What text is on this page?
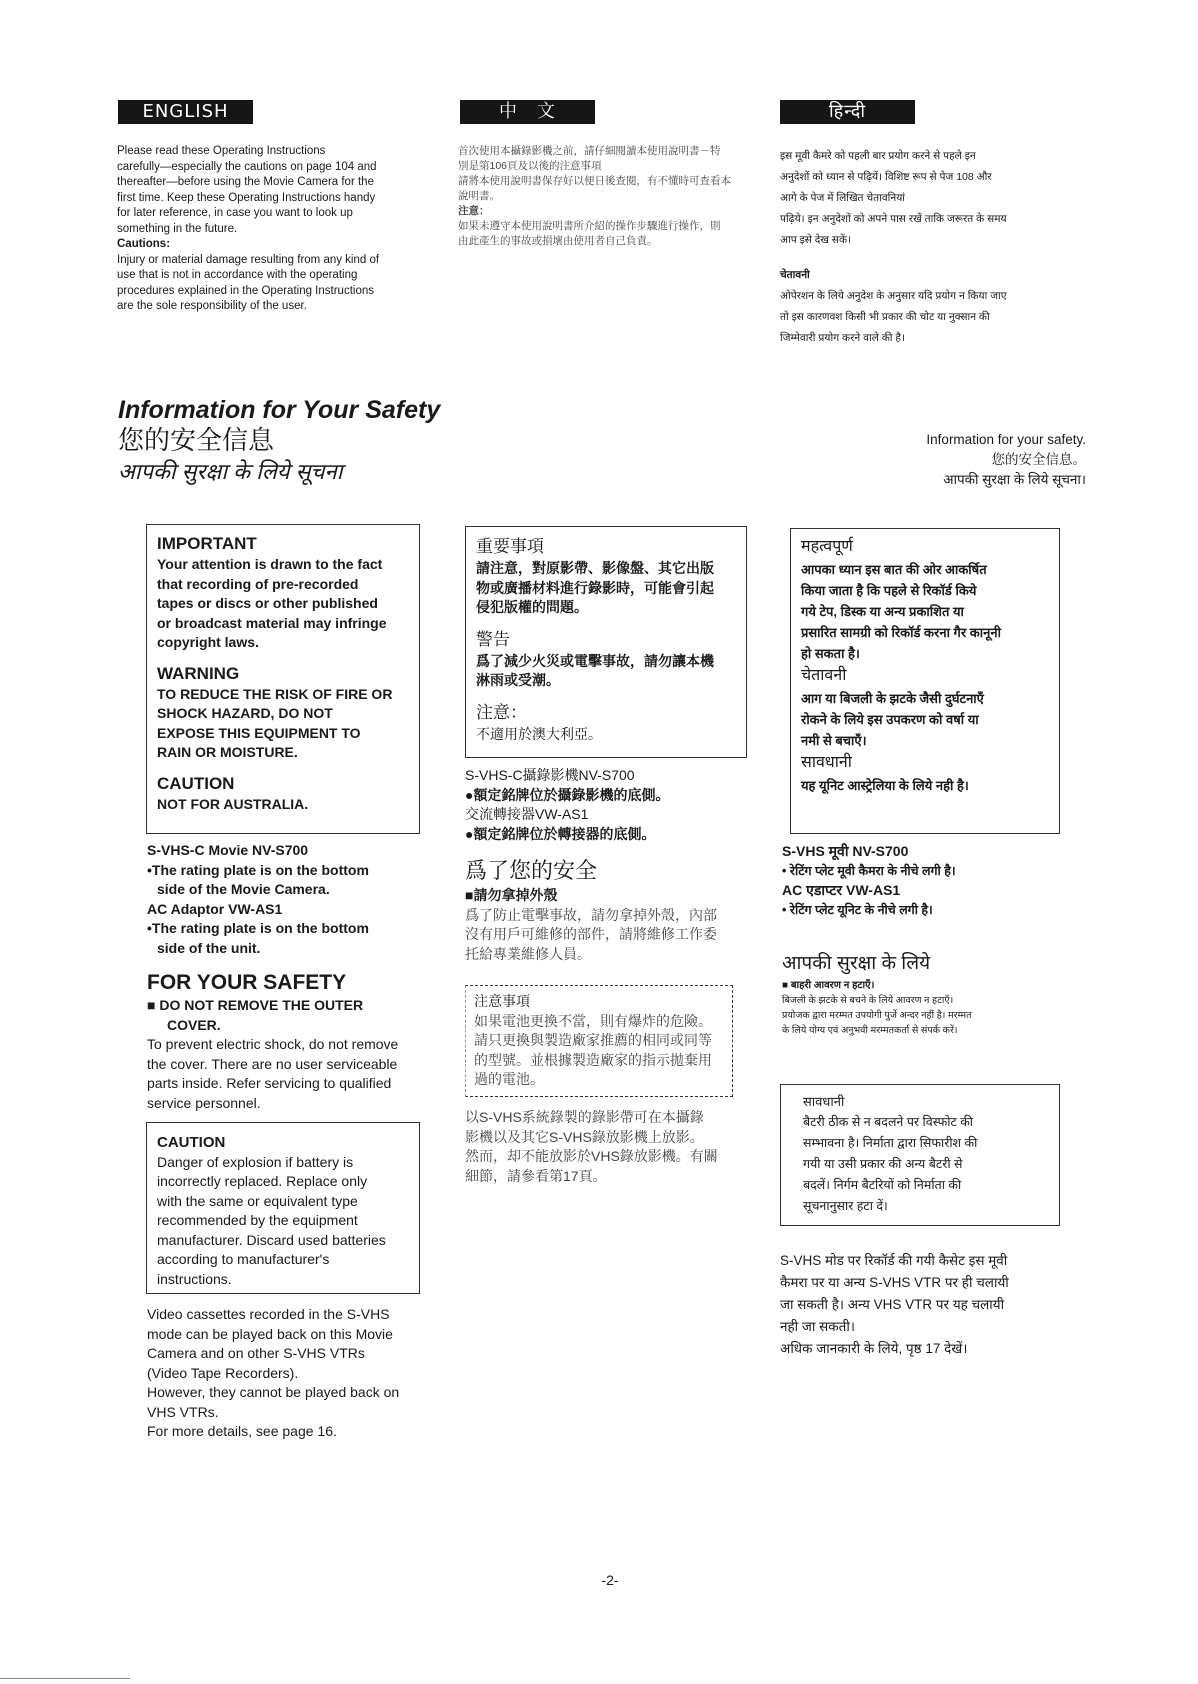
ENGLISH	中　文	हिन्दी

Please read these Operating Instructions

carefully—especially the cautions on page 104 and

thereafter—before using the Movie Camera for the

first time. Keep these Operating Instructions handy

for later reference, in case you want to look up

something in the future.

Cautions:

Injury or material damage resulting from any kind of

use that is not in accordance with the operating

procedures explained in the Operating Instructions

are the sole responsibility of the user.

首次使用本攝錄影機之前，請仔細閱讀本使用說明書－特

別是第106頁及以後的注意事項

請將本使用說明書保存好以便日後查閱，有不懂時可查看本

說明書。

注意：

如果未遵守本使用說明書所介紹的操作步驟進行操作，則

由此產生的事故或損壞由使用者自己負責。

इस मूवी कैमरे को पहली बार प्रयोग करने से पहले इन

अनुदेशों को ध्यान से पढ़ियें। विशिष्ट रूप से पेज 108 और

आगे के पेज में लिखित चेतावनियां

पढ़िये। इन अनुदेशों को अपने पास रखें ताकि जरूरत के समय

आप इसे देख सकें।

चेतावनी

ओपेरशन के लिये अनुदेश के अनुसार यदि प्रयोग न किया जाए

तो इस कारणवश किसी भी प्रकार की चोट या नुक्सान की

जिम्मेवारी प्रयोग करने वाले की है।

Information for Your Safety
您的安全信息
आपकी सुरक्षा के लिये सूचना
Information for your safety.
您的安全信息。
आपकी सुरक्षा के लिये सूचना।
IMPORTANT

Your attention is drawn to the fact

that recording of pre-recorded

tapes or discs or other published

or broadcast material may infringe

copyright laws.

WARNING

TO REDUCE THE RISK OF FIRE OR

SHOCK HAZARD, DO NOT

EXPOSE THIS EQUIPMENT TO

RAIN OR MOISTURE.

CAUTION
NOT FOR AUSTRALIA.

S-VHS-C Movie NV-S700

•The rating plate is on the bottom

side of the Movie Camera.

AC Adaptor VW-AS1

•The rating plate is on the bottom

side of the unit.

FOR YOUR SAFETY

■ DO NOT REMOVE THE OUTER

COVER.

To prevent electric shock, do not remove

the cover. There are no user serviceable

parts inside. Refer servicing to qualified

service personnel.

CAUTION

Danger of explosion if battery is

incorrectly replaced. Replace only

with the same or equivalent type

recommended by the equipment

manufacturer. Discard used batteries

according to manufacturer's

instructions.

Video cassettes recorded in the S-VHS

mode can be played back on this Movie

Camera and on other S-VHS VTRs

(Video Tape Recorders).

However, they cannot be played back on

VHS VTRs.

For more details, see page 16.

重要事項

請注意，對原影帶、影像盤、其它出版

物或廣播材料進行錄影時，可能會引起

侵犯版權的問題。

警告

爲了減少火災或電擊事故，請勿讓本機

淋雨或受潮。

注意：
不適用於澳大利亞。

S-VHS-C攝錄影機NV-S700

●額定銘牌位於攝錄影機的底側。

交流轉接器VW-AS1

●額定銘牌位於轉接器的底側。

爲了您的安全
■請勿拿掉外殼

爲了防止電擊事故，請勿拿掉外殼，內部

沒有用戶可維修的部件，請將維修工作委

托給專業維修人員。

注意事項

如果電池更換不當，則有爆炸的危險。

請只更換與製造廠家推薦的相同或同等

的型號。並根據製造廠家的指示拋棄用

過的電池。

以S-VHS系統錄製的錄影帶可在本攝錄

影機以及其它S-VHS錄放影機上放影。

然而，却不能放影於VHS錄放影機。有關

細節，請參看第17頁。

महत्वपूर्ण

आपका ध्यान इस बात की ओर आकर्षित

किया जाता है कि पहले से रिकॉर्ड किये

गये टेप, डिस्क या अन्य प्रकाशित या

प्रसारित सामग्री को रिकॉर्ड करना गैर कानूनी

हो सकता है।

चेतावनी

आग या बिजली के झटके जैसी दुर्घटनाएँ

रोकने के लिये इस उपकरण को वर्षा या

नमी से बचाएँ।

सावधानी
यह यूनिट आस्ट्रेलिया के लिये नही है।

S-VHS मूवी NV-S700

• रेटिंग प्लेट मूवी कैमरा के नीचे लगी है।

AC एडाप्टर VW-AS1

• रेटिंग प्लेट यूनिट के नीचे लगी है।

आपकी सुरक्षा के लिये
■ बाहरी आवरण न हटाएँ।

बिजली के झटके से बचने के लिये आवरण न हटाएँ।

प्रयोजक द्वारा मरम्मत उपयोगी पुर्जे अन्दर नहीं है। मरम्मत

के लिये योग्य एवं अनुभवी मरम्मतकर्ता से संपर्क करें।

सावधानी

बैटरी ठीक से न बदलने पर विस्फोट की

सम्भावना है। निर्माता द्वारा सिफारीश की

गयी या उसी प्रकार की अन्य बैटरी से

बदलें। निर्गम बैटरियों को निर्माता की

सूचनानुसार हटा दें।

S-VHS मोड पर रिकॉर्ड की गयी कैसेट इस मूवी

कैमरा पर या अन्य S-VHS VTR पर ही चलायी

जा सकती है। अन्य VHS VTR पर यह चलायी

नही जा सकती।

अधिक जानकारी के लिये, पृष्ठ 17 देखें।

-2-
